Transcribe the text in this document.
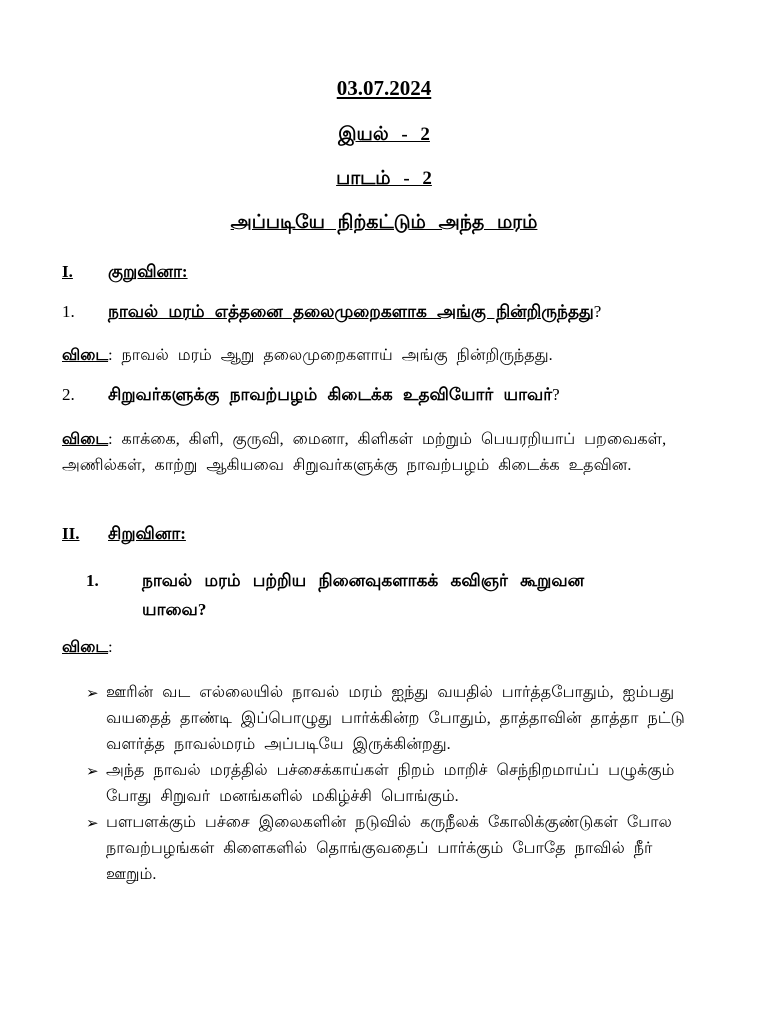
03.07.2024
இயல் - 2
பாடம் - 2
அப்படியே நிற்கட்டும் அந்த மரம்
I. குறுவினா:
1. நாவல் மரம் எத்தனை தலைமுறைகளாக அங்கு நின்றிருந்தது?
விடை: நாவல் மரம் ஆறு தலைமுறைகளாய் அங்கு நின்றிருந்தது.
2. சிறுவர்களுக்கு நாவற்பழம் கிடைக்க உதவியோர் யாவர்?
விடை: காக்கை, கிளி, குருவி, மைனா, கிளிகள் மற்றும் பெயரறியாப் பறவைகள், அணில்கள், காற்று ஆகியவை சிறுவர்களுக்கு நாவற்பழம் கிடைக்க உதவின.
II. சிறுவினா:
1.	நாவல் மரம் பற்றிய நினைவுகளாகக் கவிஞர் கூறுவன யாவை?
விடை:
➢ ஊரின் வட எல்லையில் நாவல் மரம் ஐந்து வயதில் பார்த்தபோதும், ஐம்பது வயதைத் தாண்டி இப்பொழுது பார்க்கின்ற போதும், தாத்தாவின் தாத்தா நட்டு வளர்த்த நாவல்மரம் அப்படியே இருக்கின்றது.
➢ அந்த நாவல் மரத்தில் பச்சைக்காய்கள் நிறம் மாறிச் செந்நிறமாய்ப் பழுக்கும் போது சிறுவர் மனங்களில் மகிழ்ச்சி பொங்கும்.
➢ பளபளக்கும் பச்சை இலைகளின் நடுவில் கருநீலக் கோலிக்குண்டுகள் போல நாவற்பழங்கள் கிளைகளில் தொங்குவதைப் பார்க்கும் போதே நாவில் நீர் ஊறும்.
